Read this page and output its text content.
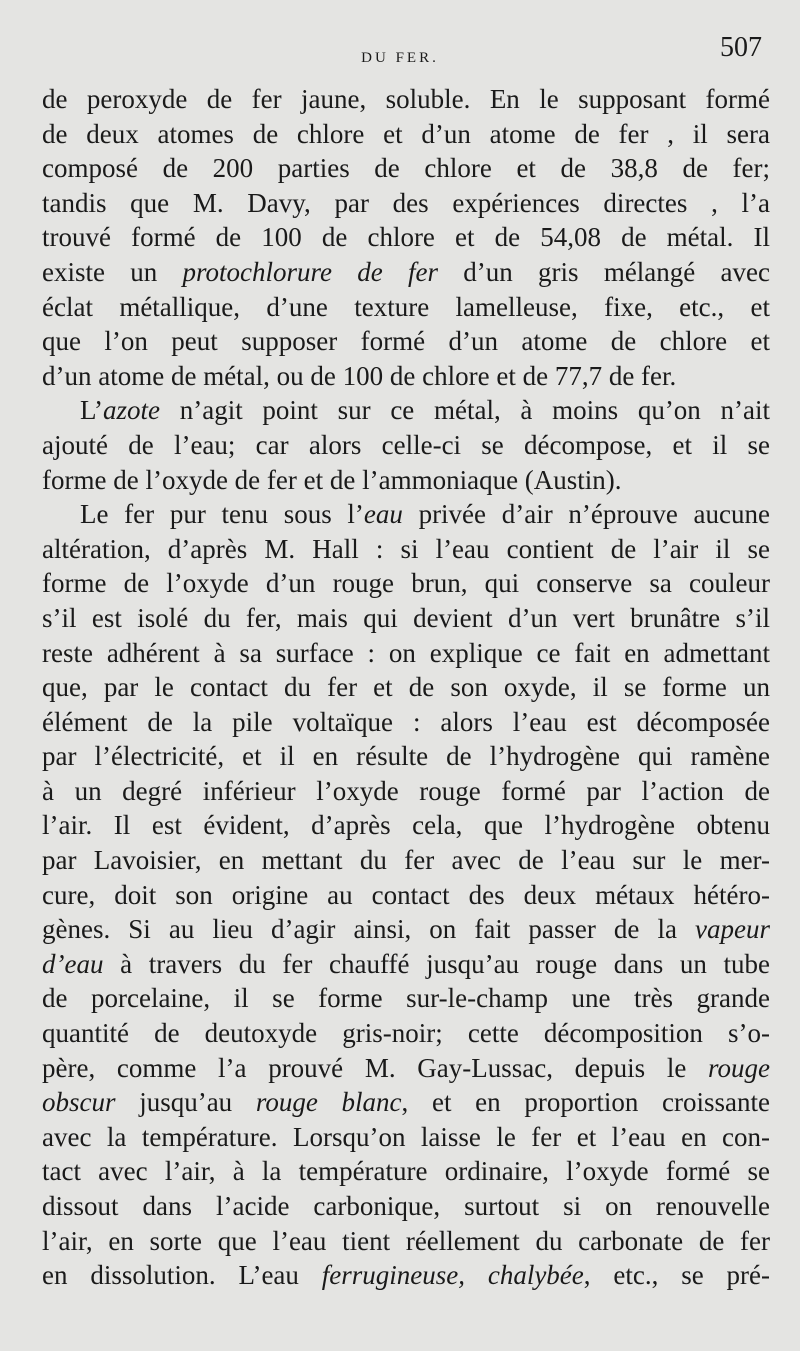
DU FER.	507
de peroxyde de fer jaune, soluble. En le supposant formé
de deux atomes de chlore et d’un atome de fer , il sera
composé de 200 parties de chlore et de 38,8 de fer;
tandis que M. Davy, par des expériences directes , l’a
trouvé formé de 100 de chlore et de 54,08 de métal. Il
existe un protochlorure de fer d’un gris mélangé avec
éclat métallique, d’une texture lamelleuse, fixe, etc., et
que l’on peut supposer formé d’un atome de chlore et
d’un atome de métal, ou de 100 de chlore et de 77,7 de fer.
L’azote n’agit point sur ce métal, à moins qu’on n’ait
ajouté de l’eau; car alors celle-ci se décompose, et il se
forme de l’oxyde de fer et de l’ammoniaque (Austin).
Le fer pur tenu sous l’eau privée d’air n’éprouve aucune
altération, d’après M. Hall : si l’eau contient de l’air il se
forme de l’oxyde d’un rouge brun, qui conserve sa couleur
s’il est isolé du fer, mais qui devient d’un vert brunâtre s’il
reste adhérent à sa surface : on explique ce fait en admettant
que, par le contact du fer et de son oxyde, il se forme un
élément de la pile voltaïque : alors l’eau est décomposée
par l’électricité, et il en résulte de l’hydrogène qui ramène
à un degré inférieur l’oxyde rouge formé par l’action de
l’air. Il est évident, d’après cela, que l’hydrogène obtenu
par Lavoisier, en mettant du fer avec de l’eau sur le mer-
cure, doit son origine au contact des deux métaux hétéro-
gènes. Si au lieu d’agir ainsi, on fait passer de la vapeur
d’eau à travers du fer chauffé jusqu’au rouge dans un tube
de porcelaine, il se forme sur-le-champ une très grande
quantité de deutoxyde gris-noir; cette décomposition s’o-
père, comme l’a prouvé M. Gay-Lussac, depuis le rouge
obscur jusqu’au rouge blanc, et en proportion croissante
avec la température. Lorsqu’on laisse le fer et l’eau en con-
tact avec l’air, à la température ordinaire, l’oxyde formé se
dissout dans l’acide carbonique, surtout si on renouvelle
l’air, en sorte que l’eau tient réellement du carbonate de fer
en dissolution. L’eau ferrugineuse, chalybée, etc., se pré-
